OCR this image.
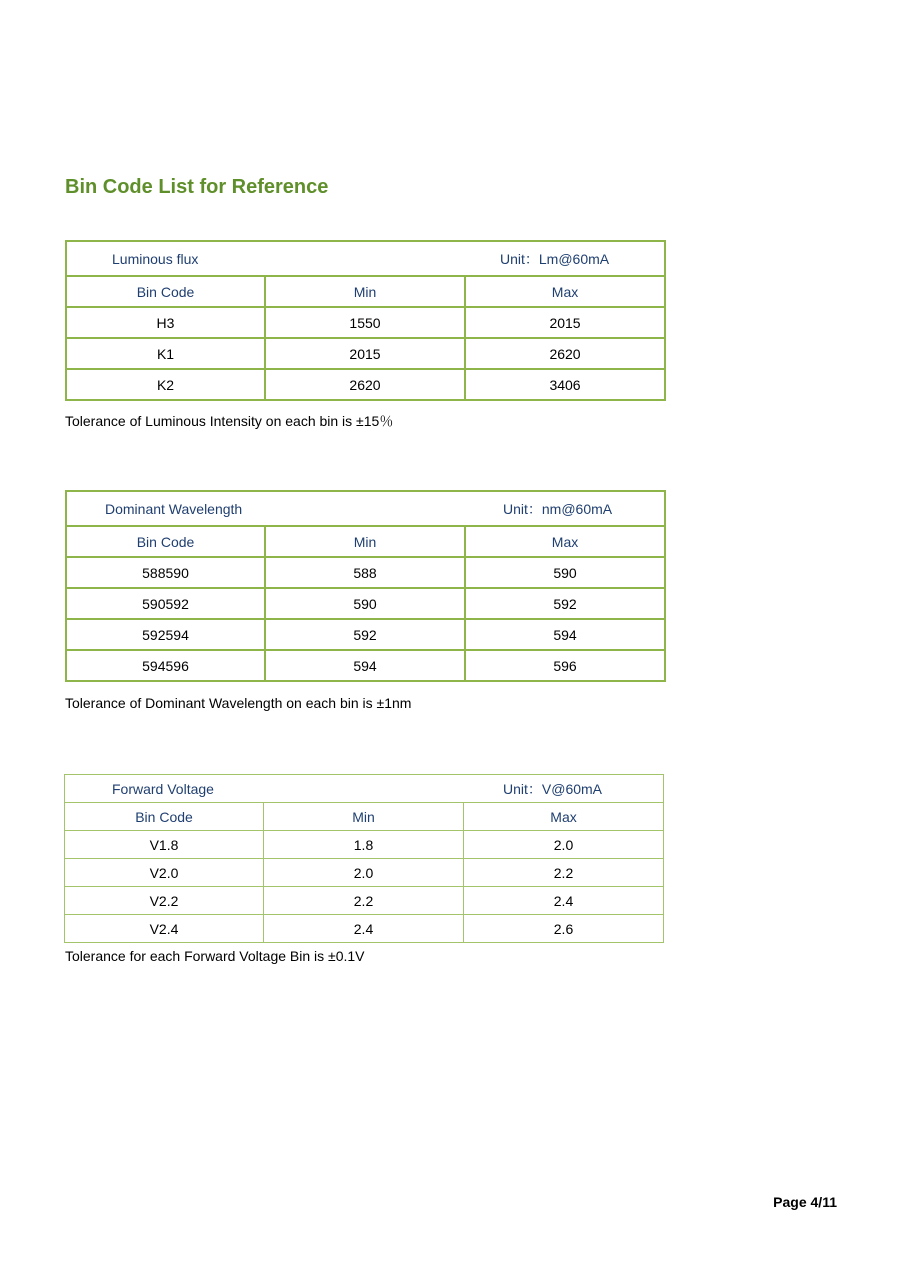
Bin Code List for Reference
Luminous flux Unit：Lm@60mA		

Bin Code	Min	Max
H3	1550	2015
K1	2015	2620
K2	2620	3406
Tolerance of Luminous Intensity on each bin is ±15％
Dominant Wavelength Unit：nm@60mA		

Bin Code	Min	Max
588590	588	590
590592	590	592
592594	592	594
594596	594	596
Tolerance of Dominant Wavelength on each bin is ±1nm
Forward Voltage Unit：V@60mA		

Bin Code	Min	Max
V1.8	1.8	2.0
V2.0	2.0	2.2
V2.2	2.2	2.4
V2.4	2.4	2.6
Tolerance for each Forward Voltage Bin is ±0.1V
Page 4/11
